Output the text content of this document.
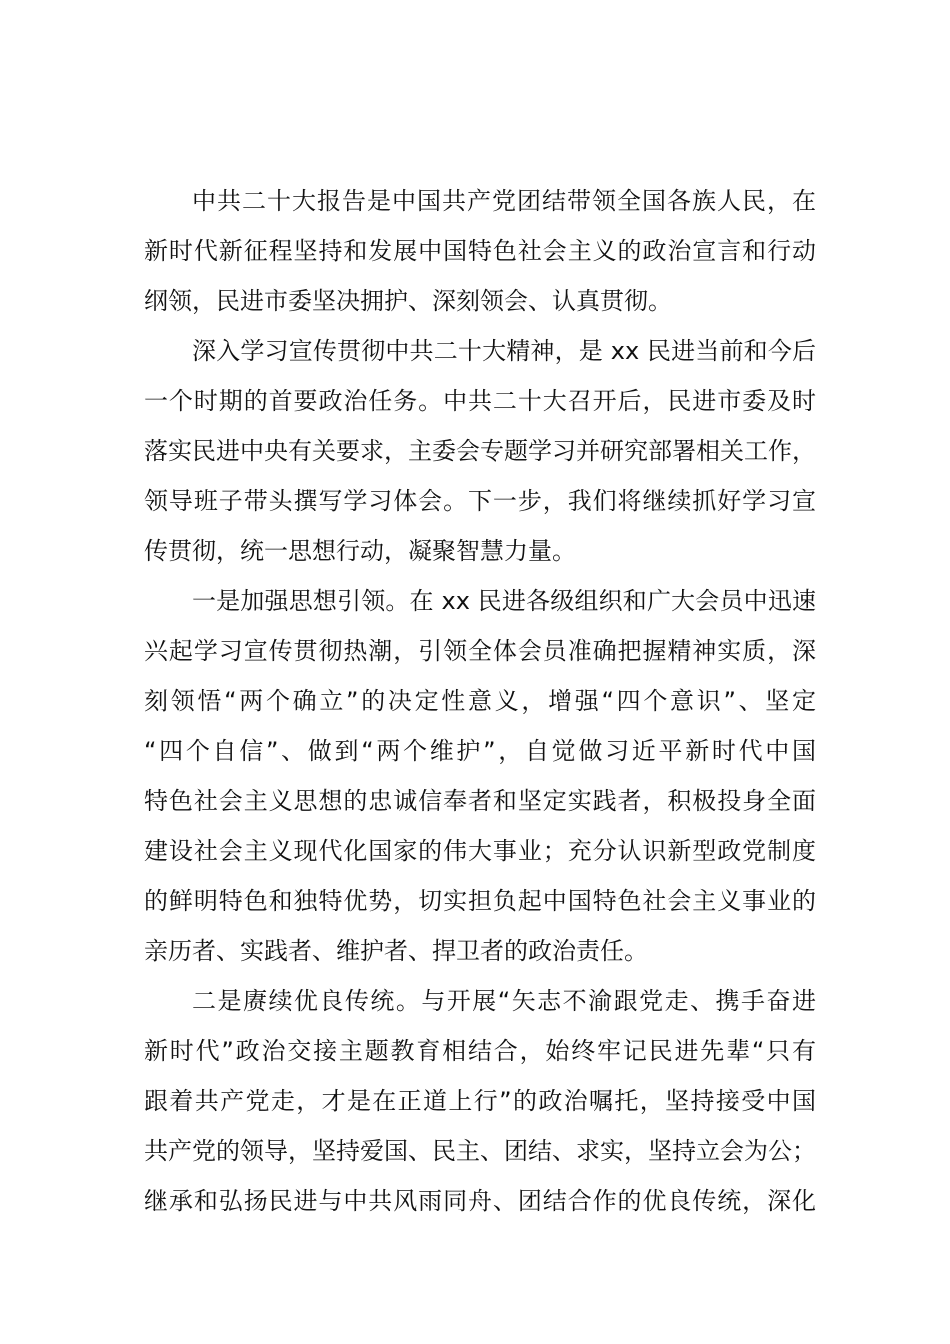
中共二十大报告是中国共产党团结带领全国各族人民，在
新时代新征程坚持和发展中国特色社会主义的政治宣言和行动
纲领，民进市委坚决拥护、深刻领会、认真贯彻。
深入学习宣传贯彻中共二十大精神，是 xx 民进当前和今后
一个时期的首要政治任务。中共二十大召开后，民进市委及时
落实民进中央有关要求，主委会专题学习并研究部署相关工作，
领导班子带头撰写学习体会。下一步，我们将继续抓好学习宣
传贯彻，统一思想行动，凝聚智慧力量。
一是加强思想引领。在 xx 民进各级组织和广大会员中迅速
兴起学习宣传贯彻热潮，引领全体会员准确把握精神实质，深
刻领悟“两个确立”的决定性意义，增强“四个意识”、坚定
“四个自信”、做到“两个维护”，自觉做习近平新时代中国
特色社会主义思想的忠诚信奉者和坚定实践者，积极投身全面
建设社会主义现代化国家的伟大事业；充分认识新型政党制度
的鲜明特色和独特优势，切实担负起中国特色社会主义事业的
亲历者、实践者、维护者、捍卫者的政治责任。
二是赓续优良传统。与开展“矢志不渝跟党走、携手奋进
新时代”政治交接主题教育相结合，始终牢记民进先辈“只有
跟着共产党走，才是在正道上行”的政治嘱托，坚持接受中国
共产党的领导，坚持爱国、民主、团结、求实，坚持立会为公；
继承和弘扬民进与中共风雨同舟、团结合作的优良传统，深化
